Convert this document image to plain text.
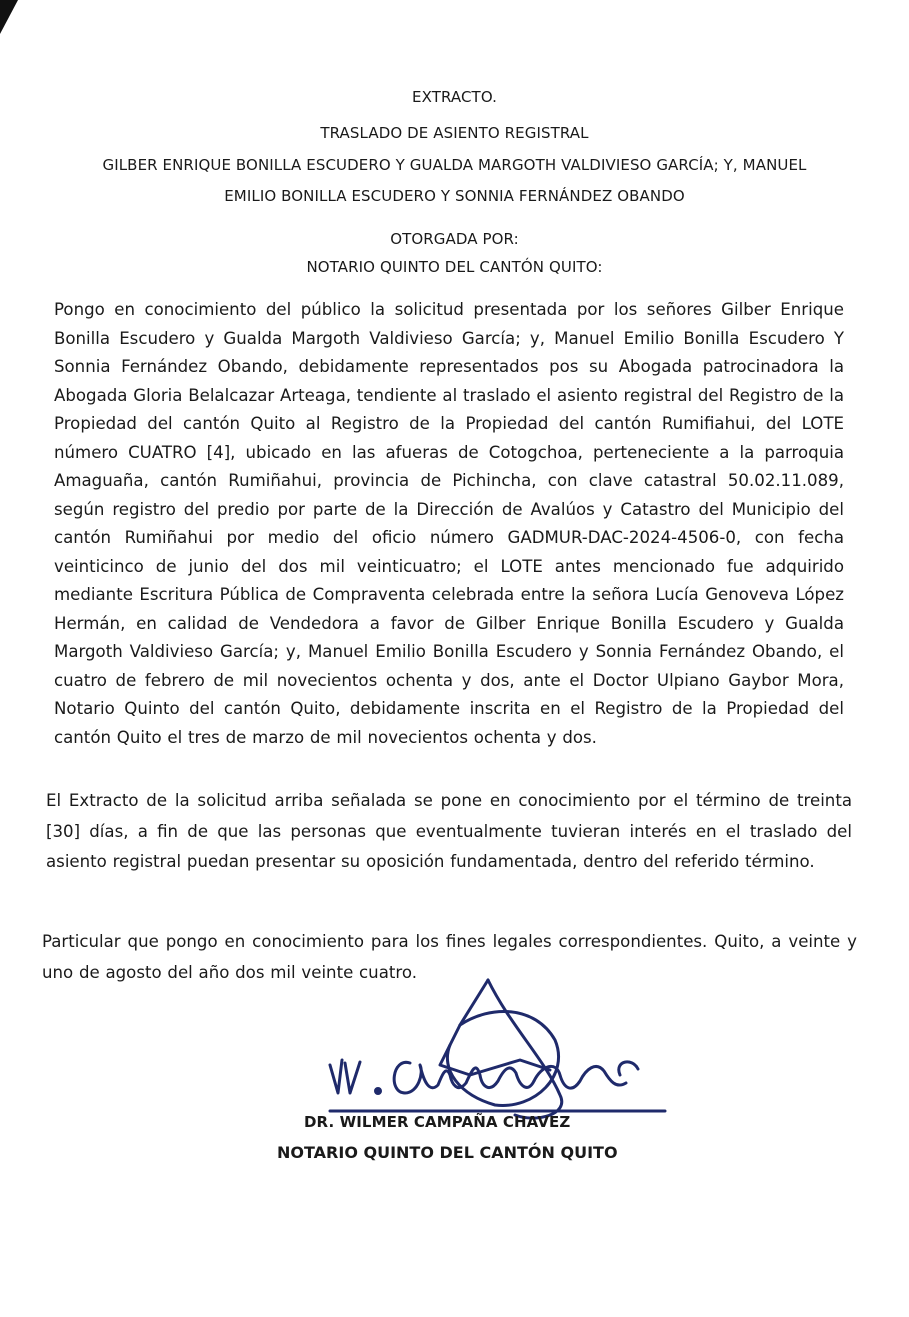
EXTRACTO.
TRASLADO DE ASIENTO REGISTRAL
GILBER ENRIQUE BONILLA ESCUDERO Y GUALDA MARGOTH VALDIVIESO GARCÍA; Y, MANUEL
EMILIO BONILLA ESCUDERO Y SONNIA FERNÁNDEZ OBANDO
OTORGADA POR:
NOTARIO QUINTO DEL CANTÓN QUITO:
Pongo en conocimiento del público la solicitud presentada por los señores Gilber Enrique Bonilla Escudero y Gualda Margoth Valdivieso García; y, Manuel Emilio Bonilla Escudero Y Sonnia Fernández Obando, debidamente representados pos su Abogada patrocinadora la Abogada Gloria Belalcazar Arteaga, tendiente al traslado el asiento registral del Registro de la Propiedad del cantón Quito al Registro de la Propiedad del cantón Rumifiahui, del LOTE número CUATRO [4], ubicado en las afueras de Cotogchoa, perteneciente a la parroquia Amaguaña, cantón Rumiñahui, provincia de Pichincha, con clave catastral 50.02.11.089, según registro del predio por parte de la Dirección de Avalúos y Catastro del Municipio del cantón Rumiñahui por medio del oficio número GADMUR-DAC-2024-4506-0, con fecha veinticinco de junio del dos mil veinticuatro; el LOTE antes mencionado fue adquirido mediante Escritura Pública de Compraventa celebrada entre la señora Lucía Genoveva López Hermán, en calidad de Vendedora a favor de Gilber Enrique Bonilla Escudero y Gualda Margoth Valdivieso García; y, Manuel Emilio Bonilla Escudero y Sonnia Fernández Obando, el cuatro de febrero de mil novecientos ochenta y dos, ante el Doctor Ulpiano Gaybor Mora, Notario Quinto del cantón Quito, debidamente inscrita en el Registro de la Propiedad del cantón Quito el tres de marzo de mil novecientos ochenta y dos.
El Extracto de la solicitud arriba señalada se pone en conocimiento por el término de treinta [30] días, a fin de que las personas que eventualmente tuvieran interés en el traslado del asiento registral puedan presentar su oposición fundamentada, dentro del referido término.
Particular que pongo en conocimiento para los fines legales correspondientes. Quito, a veinte y uno de agosto del año dos mil veinte cuatro.
DR. WILMER CAMPAÑA CHAVEZ
NOTARIO QUINTO DEL CANTÓN QUITO
